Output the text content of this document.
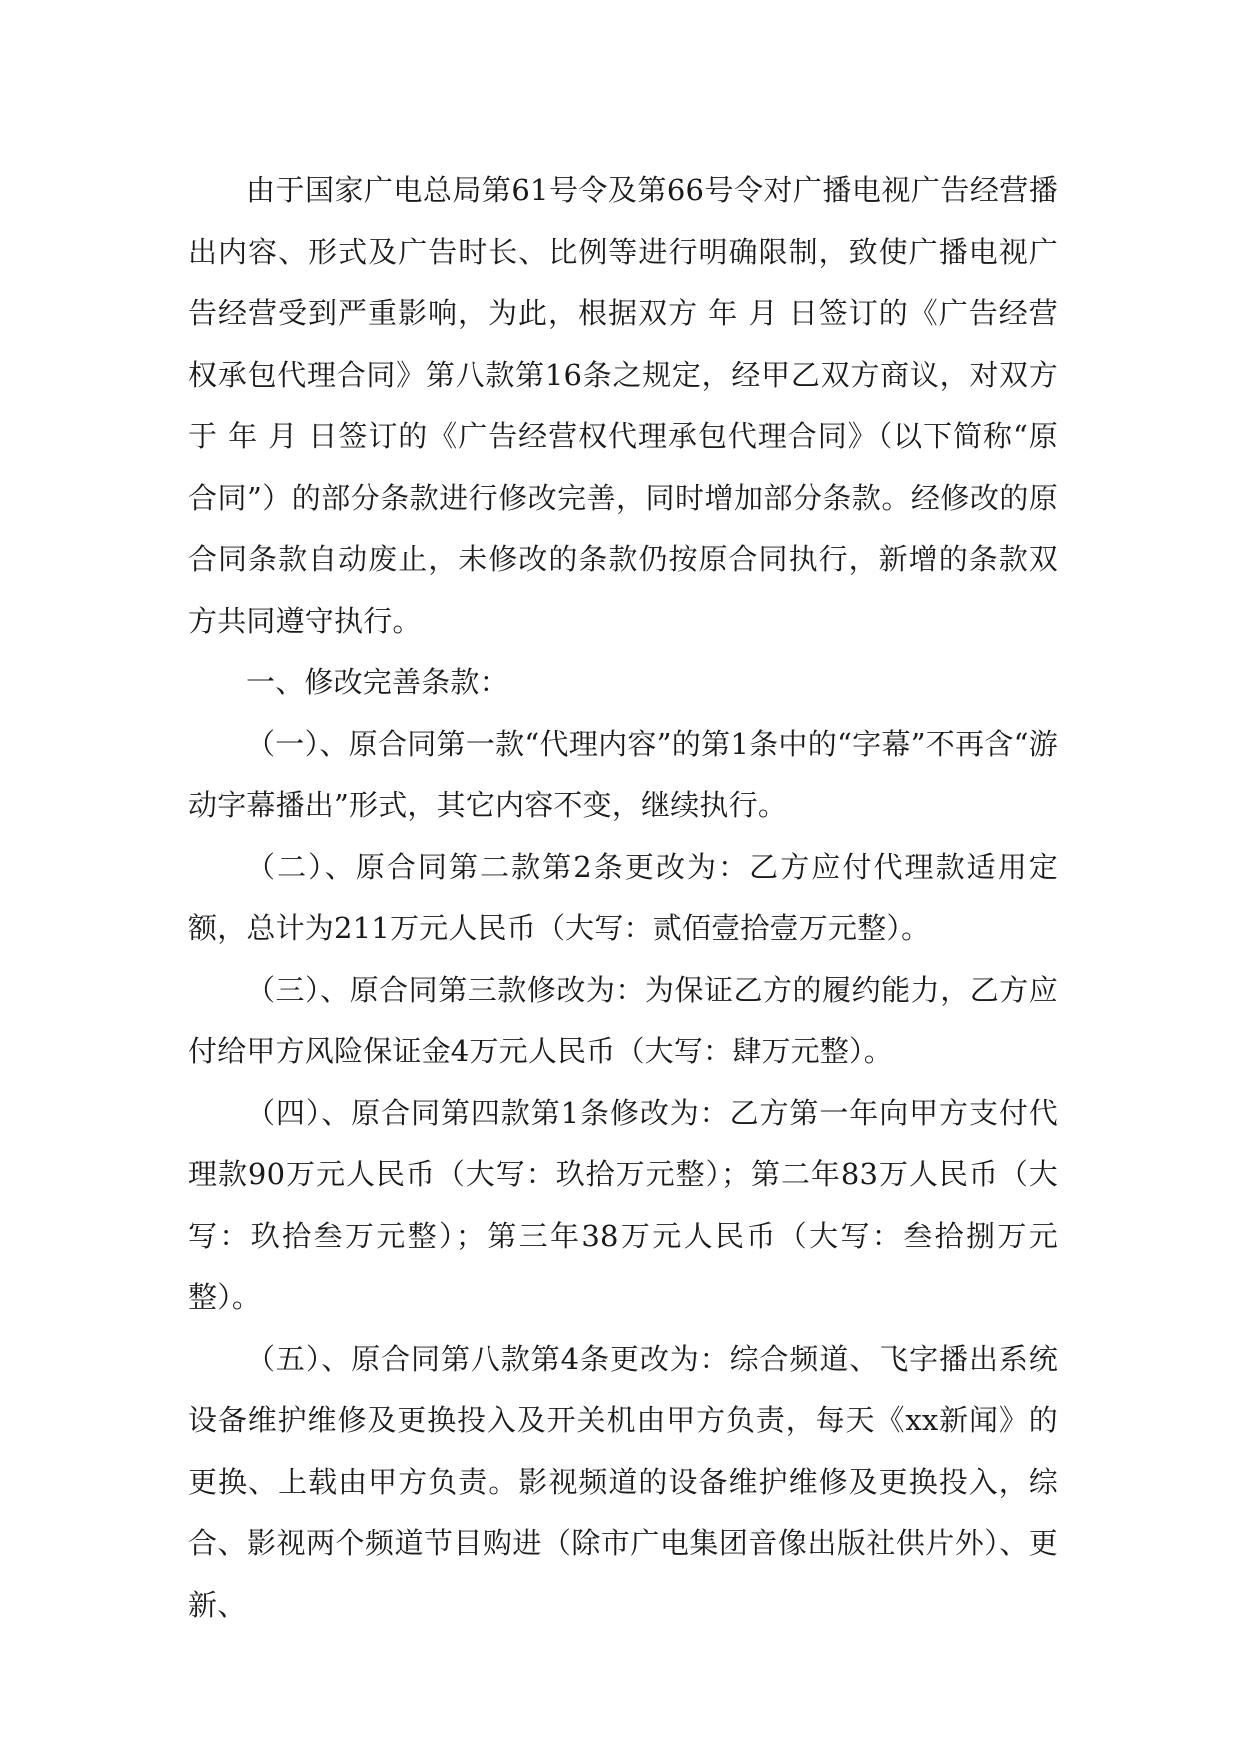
由于国家广电总局第61号令及第66号令对广播电视广告经营播出内容、形式及广告时长、比例等进行明确限制，致使广播电视广告经营受到严重影响，为此，根据双方 年 月 日签订的《广告经营权承包代理合同》第八款第16条之规定，经甲乙双方商议，对双方于 年 月 日签订的《广告经营权代理承包代理合同》（以下简称“原合同”）的部分条款进行修改完善，同时增加部分条款。经修改的原合同条款自动废止，未修改的条款仍按原合同执行，新增的条款双方共同遵守执行。

一、修改完善条款：

（一）、原合同第一款“代理内容”的第1条中的“字幕”不再含“游动字幕播出”形式，其它内容不变，继续执行。

（二）、原合同第二款第2条更改为：乙方应付代理款适用定额，总计为211万元人民币（大写：贰佰壹拾壹万元整）。

（三）、原合同第三款修改为：为保证乙方的履约能力，乙方应付给甲方风险保证金4万元人民币（大写：肆万元整）。

（四）、原合同第四款第1条修改为：乙方第一年向甲方支付代理款90万元人民币（大写：玖拾万元整）；第二年83万人民币（大写：玖拾叁万元整）；第三年38万元人民币（大写：叁拾捌万元整）。

（五）、原合同第八款第4条更改为：综合频道、飞字播出系统设备维护维修及更换投入及开关机由甲方负责，每天《xx新闻》的更换、上载由甲方负责。影视频道的设备维护维修及更换投入，综合、影视两个频道节目购进（除市广电集团音像出版社供片外）、更新、
